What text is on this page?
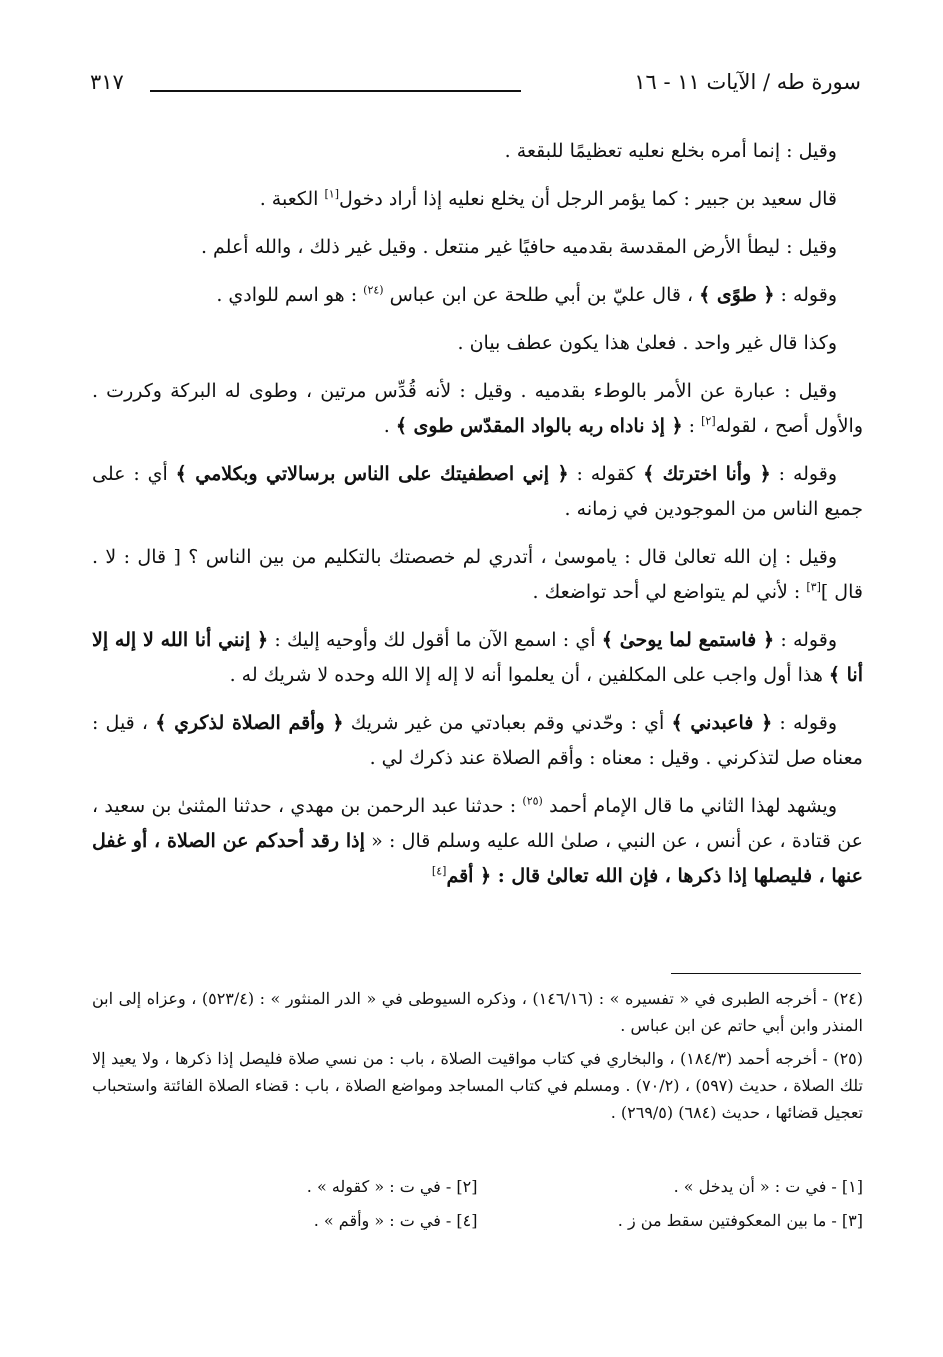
سورة طه / الآيات ١١ - ١٦
٣١٧

وقيل : إنما أمره بخلع نعليه تعظيمًا للبقعة .

قال سعيد بن جبير : كما يؤمر الرجل أن يخلع نعليه إذا أراد دخول[١] الكعبة .

وقيل : ليطأ الأرض المقدسة بقدميه حافيًا غير منتعل . وقيل غير ذلك ، والله أعلم .

وقوله : ﴿ طوًى ﴾ ، قال عليّ بن أبي طلحة عن ابن عباس $^{(٢٤)}$ : هو اسم للوادي .

وكذا قال غير واحد . فعلىٰ هذا يكون عطف بيان .

وقيل : عبارة عن الأمر بالوطء بقدميه . وقيل : لأنه قُدِّس مرتين ، وطوى له البركة وكررت . والأول أصح ، لقوله[٢] : ﴿ إذ ناداه ربه بالواد المقدّس طوى ﴾ .

وقوله : ﴿ وأنا اخترتك ﴾ كقوله : ﴿ إني اصطفيتك على الناس برسالاتي وبكلامي ﴾ أي : على جميع الناس من الموجودين في زمانه .

وقيل : إن الله تعالىٰ قال : ياموسىٰ ، أتدري لم خصصتك بالتكليم من بين الناس ؟ [ قال : لا . قال ][٣] : لأني لم يتواضع لي أحد تواضعك .

وقوله : ﴿ فاستمع لما يوحىٰ ﴾ أي : اسمع الآن ما أقول لك وأوحيه إليك : ﴿ إنني أنا الله لا إله إلا أنا ﴾ هذا أول واجب على المكلفين ، أن يعلموا أنه لا إله إلا الله وحده لا شريك له .

وقوله : ﴿ فاعبدني ﴾ أي : وحّدني وقم بعبادتي من غير شريك ﴿ وأقم الصلاة لذكري ﴾ ، قيل : معناه صل لتذكرني . وقيل : معناه : وأقم الصلاة عند ذكرك لي .

ويشهد لهذا الثاني ما قال الإمام أحمد $^{(٢٥)}$ : حدثنا عبد الرحمن بن مهدي ، حدثنا المثنىٰ بن سعيد ، عن قتادة ، عن أنس ، عن النبي ، صلىٰ الله عليه وسلم قال : « إذا رقد أحدكم عن الصلاة ، أو غفل عنها ، فليصلها إذا ذكرها ، فإن الله تعالىٰ قال : ﴿ أقم[٤]

(٢٤) - أخرجه الطبرى في « تفسيره » : (١٤٦/١٦) ، وذكره السيوطى في « الدر المنثور » : (٥٢٣/٤) ، وعزاه إلى ابن المنذر وابن أبي حاتم عن ابن عباس .

(٢٥) - أخرجه أحمد (١٨٤/٣) ، والبخاري في كتاب مواقيت الصلاة ، باب : من نسي صلاة فليصل إذا ذكرها ، ولا يعيد إلا تلك الصلاة ، حديث (٥٩٧) ، (٧٠/٢) . ومسلم في كتاب المساجد ومواضع الصلاة ، باب : قضاء الصلاة الفائتة واستحباب تعجيل قضائها ، حديث (٦٨٤) (٢٦٩/٥) .

[١] - في ت : « أن يدخل » .
[٢] - في ت : « كقوله » .
[٣] - ما بين المعكوفتين سقط من ز .
[٤] - في ت : « وأقم » .
